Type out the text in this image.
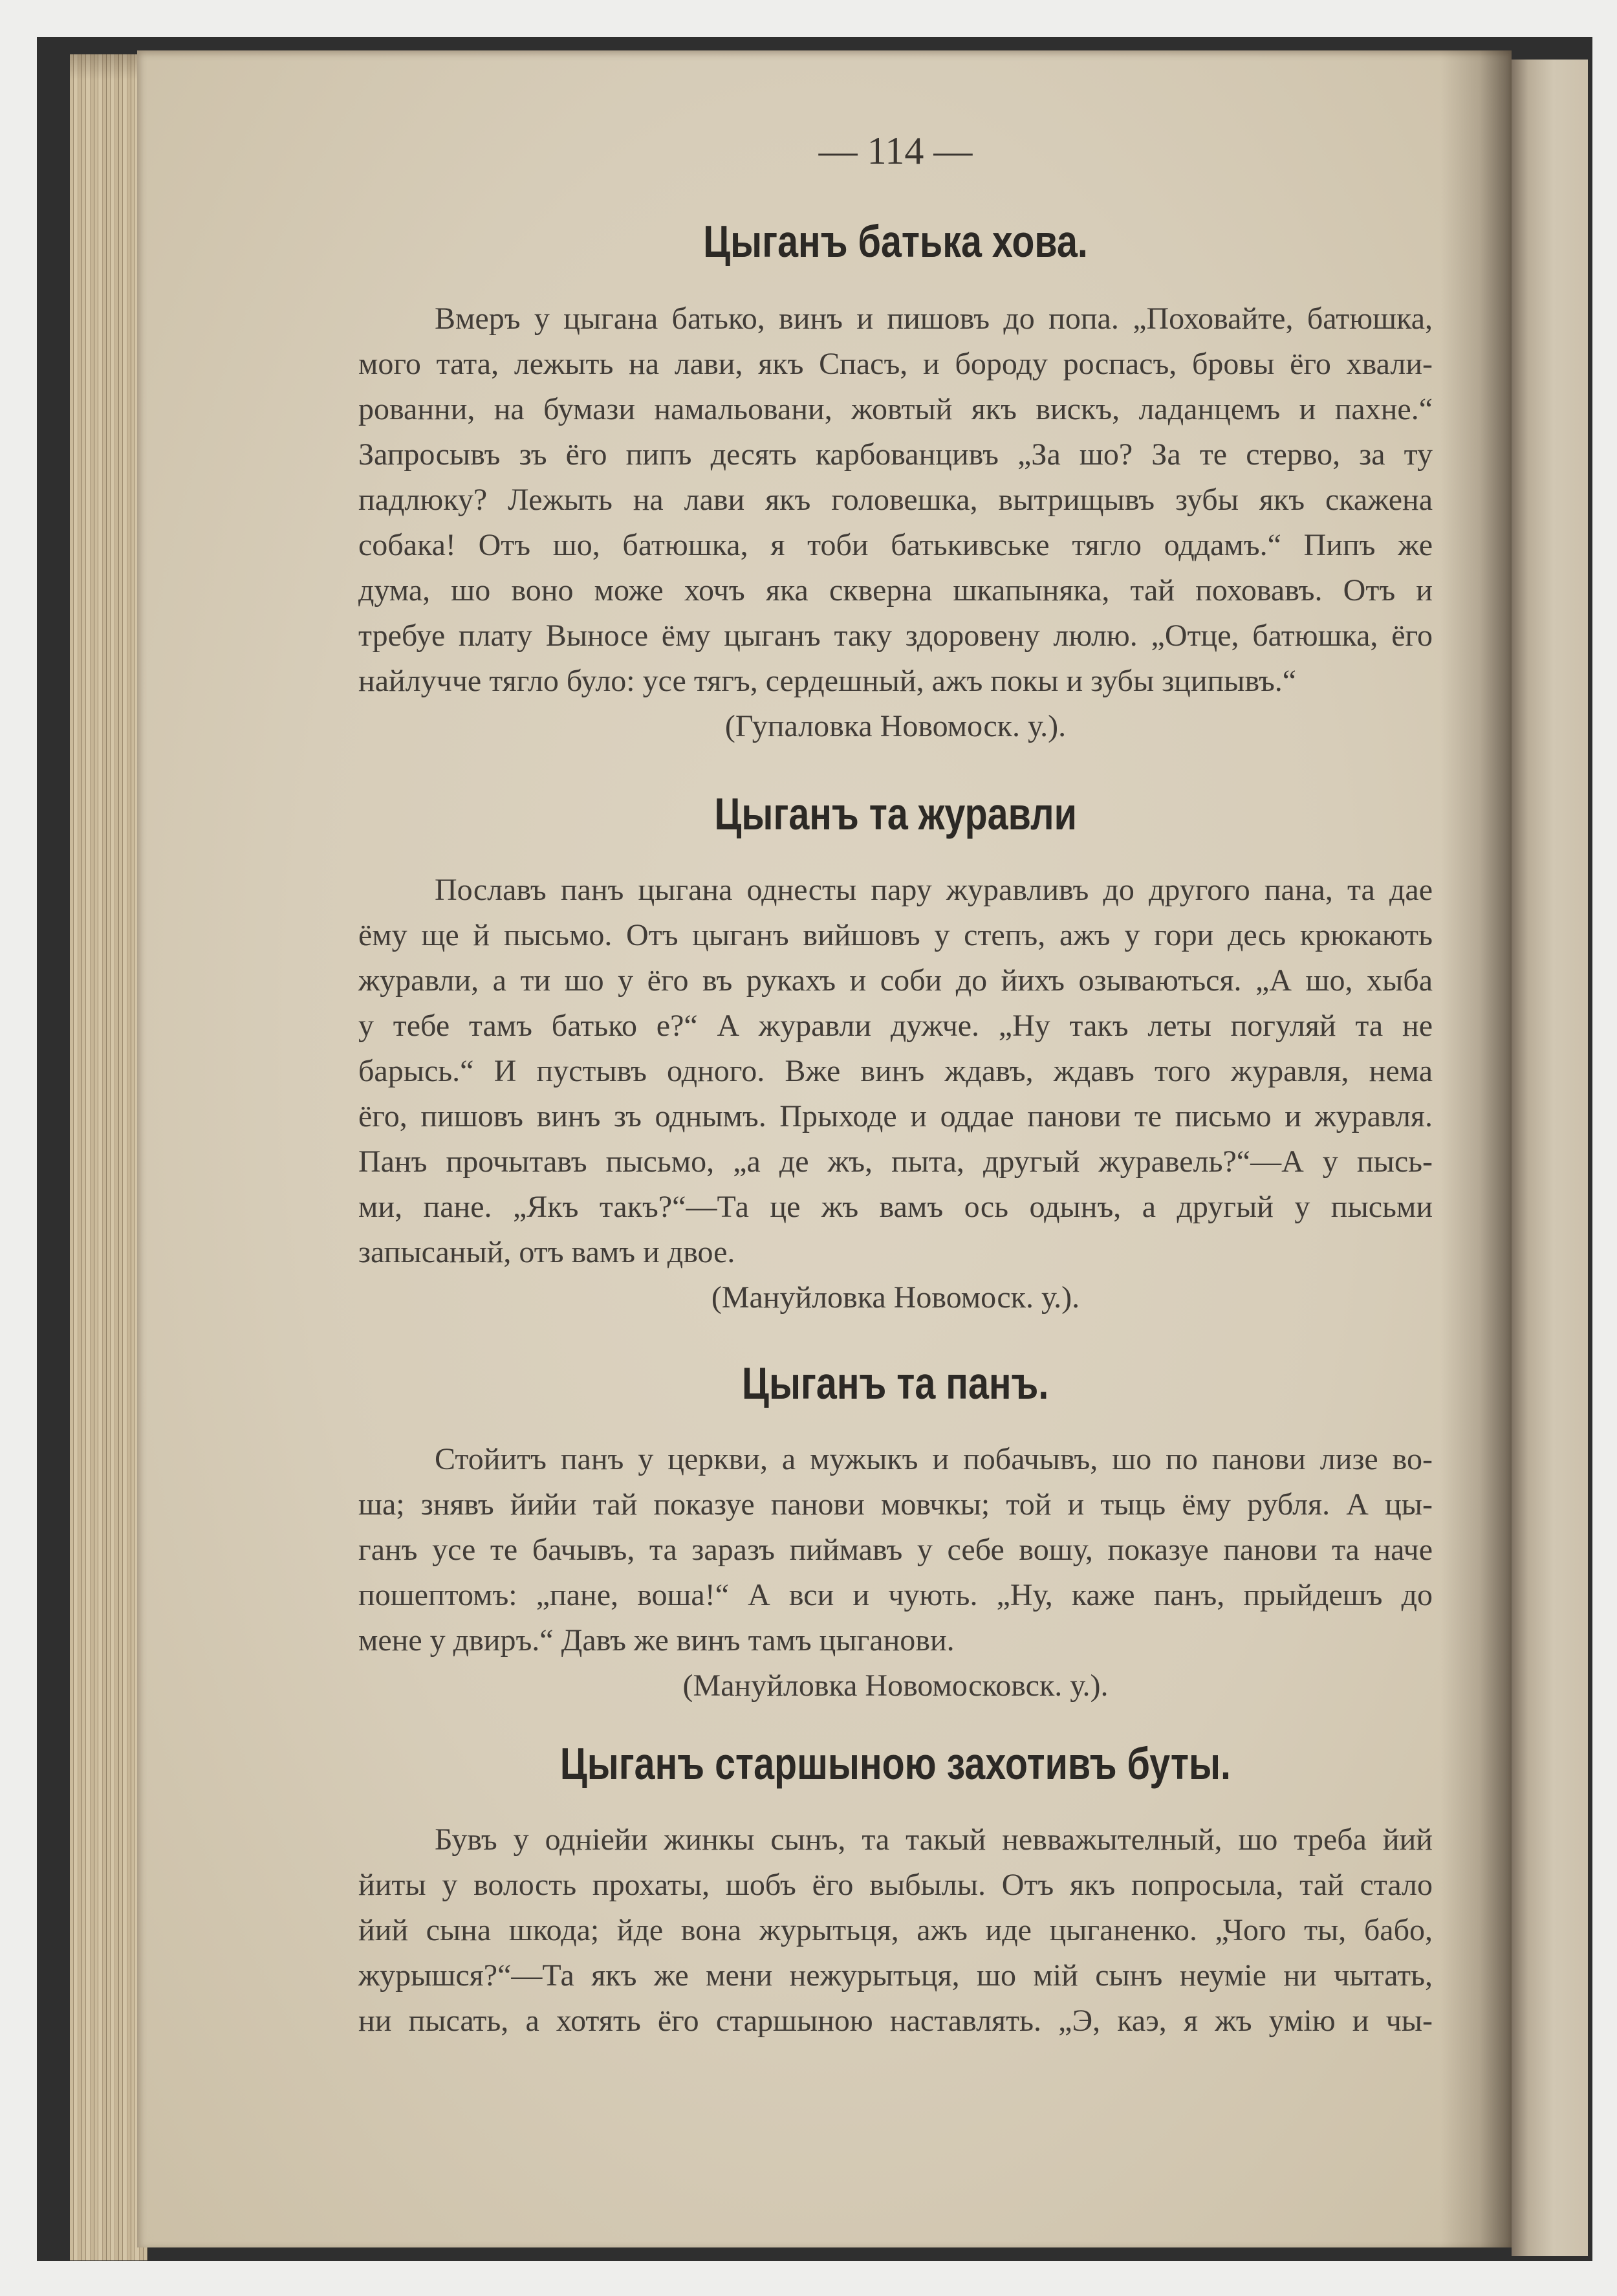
— 114 —
Цыганъ батька хова.
Вмеръ у цыгана батько, винъ и пишовъ до попа. „Поховайте, батюшка,
мого тата, лежыть на лави, якъ Спасъ, и бороду роспасъ, бровы ёго хвали-
рованни, на бумази намальовани, жовтый якъ вискъ, ладанцемъ и пахне.“
Запросывъ зъ ёго пипъ десять карбованцивъ „За шо? За те стерво, за ту
падлюку? Лежыть на лави якъ головешка, вытрищывъ зубы якъ скажена
собака! Отъ шо, батюшка, я тоби батькивське тягло оддамъ.“ Пипъ же
дума, шо воно може хочъ яка скверна шкапыняка, тай поховавъ. Отъ и
требуе плату Выносе ёму цыганъ таку здоровену люлю. „Отце, батюшка, ёго
найлучче тягло було: усе тягъ, сердешный, ажъ покы и зубы зципывъ.“
(Гупаловка Новомоск. у.).
Цыганъ та журавли
Пославъ панъ цыгана однесты пару журавливъ до другого пана, та дае
ёму ще й пысьмо. Отъ цыганъ вийшовъ у степъ, ажъ у гори десь крюкають
журавли, а ти шо у ёго въ рукахъ и соби до йихъ озываються. „А шо, хыба
у тебе тамъ батько е?“ А журавли дужче. „Ну такъ леты погуляй та не
барысь.“ И пустывъ одного. Вже винъ ждавъ, ждавъ того журавля, нема
ёго, пишовъ винъ зъ однымъ. Прыходе и оддае панови те письмо и журавля.
Панъ прочытавъ пысьмо, „а де жъ, пыта, другый журавель?“—А у пысь-
ми, пане. „Якъ такъ?“—Та це жъ вамъ ось одынъ, а другый у пысьми
запысаный, отъ вамъ и двое.
(Мануйловка Новомоск. у.).
Цыганъ та панъ.
Стойитъ панъ у церкви, а мужыкъ и побачывъ, шо по панови лизе во-
ша; знявъ йийи тай показуе панови мовчкы; той и тыць ёму рубля. А цы-
ганъ усе те бачывъ, та заразъ пиймавъ у себе вошу, показуе панови та наче
пошептомъ: „пане, воша!“ А вси и чують. „Ну, каже панъ, прыйдешъ до
мене у двиръ.“ Давъ же винъ тамъ цыганови.
(Мануйловка Новомосковск. у.).
Цыганъ старшыною захотивъ буты.
Бувъ у однiейи жинкы сынъ, та такый невважытелный, шо треба йий
йиты у волость прохаты, шобъ ёго выбылы. Отъ якъ попросыла, тай стало
йий сына шкода; йде вона журытьця, ажъ иде цыганенко. „Чого ты, бабо,
журышся?“—Та якъ же мени нежурытьця, шо мій сынъ неумiе ни чытать,
ни пысать, а хотять ёго старшыною наставлять. „Э, каэ, я жъ умiю и чы-
